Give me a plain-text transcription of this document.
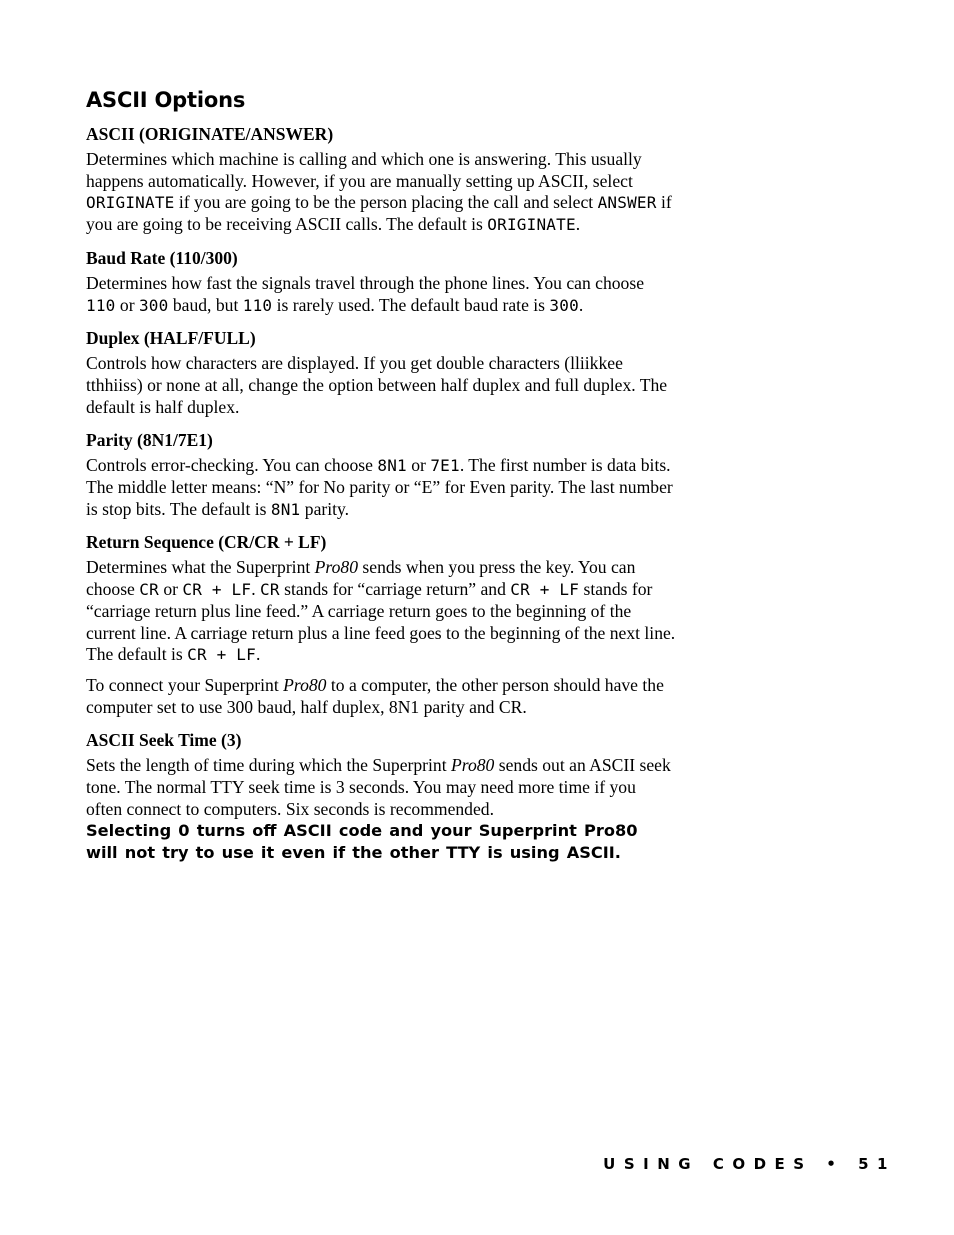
ASCII Options
ASCII (ORIGINATE/ANSWER)

Determines which machine is calling and which one is answering. This usually happens automatically. However, if you are manually setting up ASCII, select ORIGINATE if you are going to be the person placing the call and select ANSWER if you are going to be receiving ASCII calls. The default is ORIGINATE.

Baud Rate (110/300)

Determines how fast the signals travel through the phone lines. You can choose 110 or 300 baud, but 110 is rarely used. The default baud rate is 300.

Duplex (HALF/FULL)

Controls how characters are displayed. If you get double characters (lliikkee tthhiiss) or none at all, change the option between half duplex and full duplex. The default is half duplex.

Parity (8N1/7E1)

Controls error-checking. You can choose 8N1 or 7E1. The first number is data bits. The middle letter means: “N” for No parity or “E” for Even parity. The last number is stop bits. The default is 8N1 parity.

Return Sequence (CR/CR + LF)

Determines what the Superprint Pro80 sends when you press the key. You can choose CR or CR + LF. CR stands for “carriage return” and CR + LF stands for “carriage return plus line feed.” A carriage return goes to the beginning of the current line. A carriage return plus a line feed goes to the beginning of the next line. The default is CR + LF.

To connect your Superprint Pro80 to a computer, the other person should have the computer set to use 300 baud, half duplex, 8N1 parity and CR.

ASCII Seek Time (3)

Sets the length of time during which the Superprint Pro80 sends out an ASCII seek tone. The normal TTY seek time is 3 seconds. You may need more time if you often connect to computers. Six seconds is recommended.
Selecting 0 turns off ASCII code and your Superprint Pro80 will not try to use it even if the other TTY is using ASCII.

USING CODES • 51
